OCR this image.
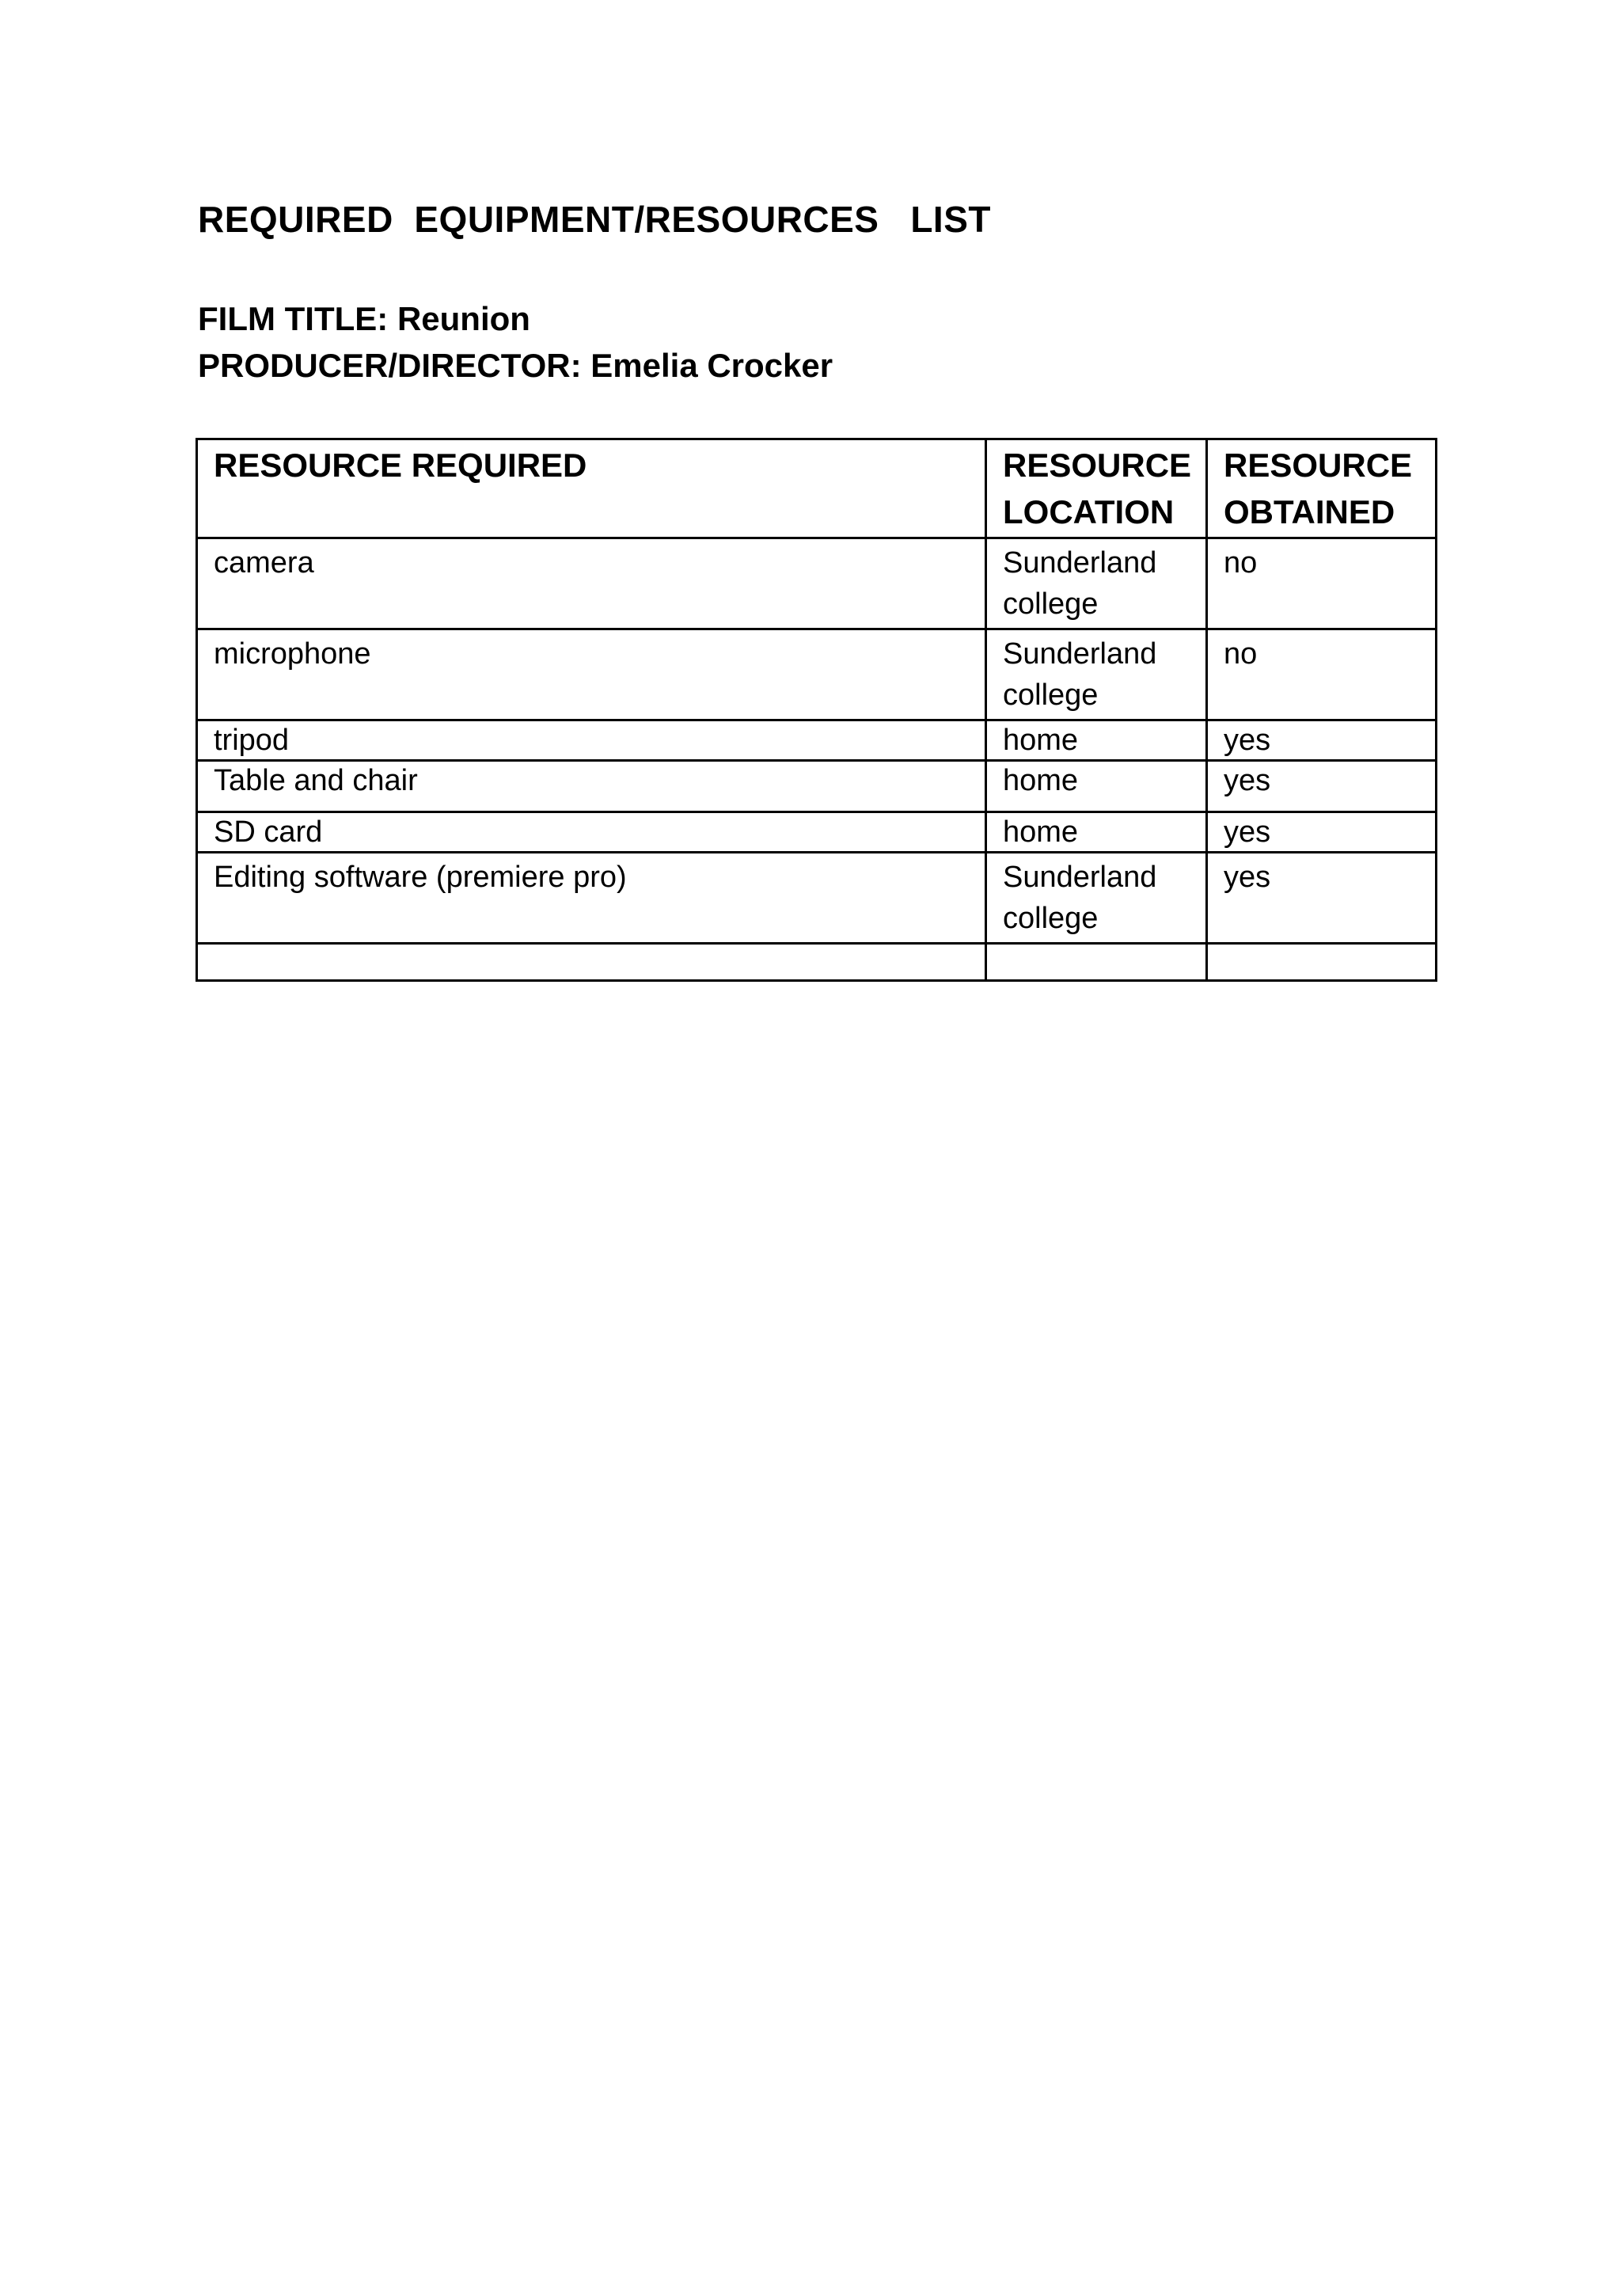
REQUIRED  EQUIPMENT/RESOURCES   LIST
FILM TITLE: Reunion
PRODUCER/DIRECTOR: Emelia Crocker
RESOURCE REQUIRED	RESOURCE LOCATION	RESOURCE OBTAINED
camera	Sunderland college	no
microphone	Sunderland college	no
tripod	home	yes
Table and chair	home	yes
SD card	home	yes
Editing software (premiere pro)	Sunderland college	yes
